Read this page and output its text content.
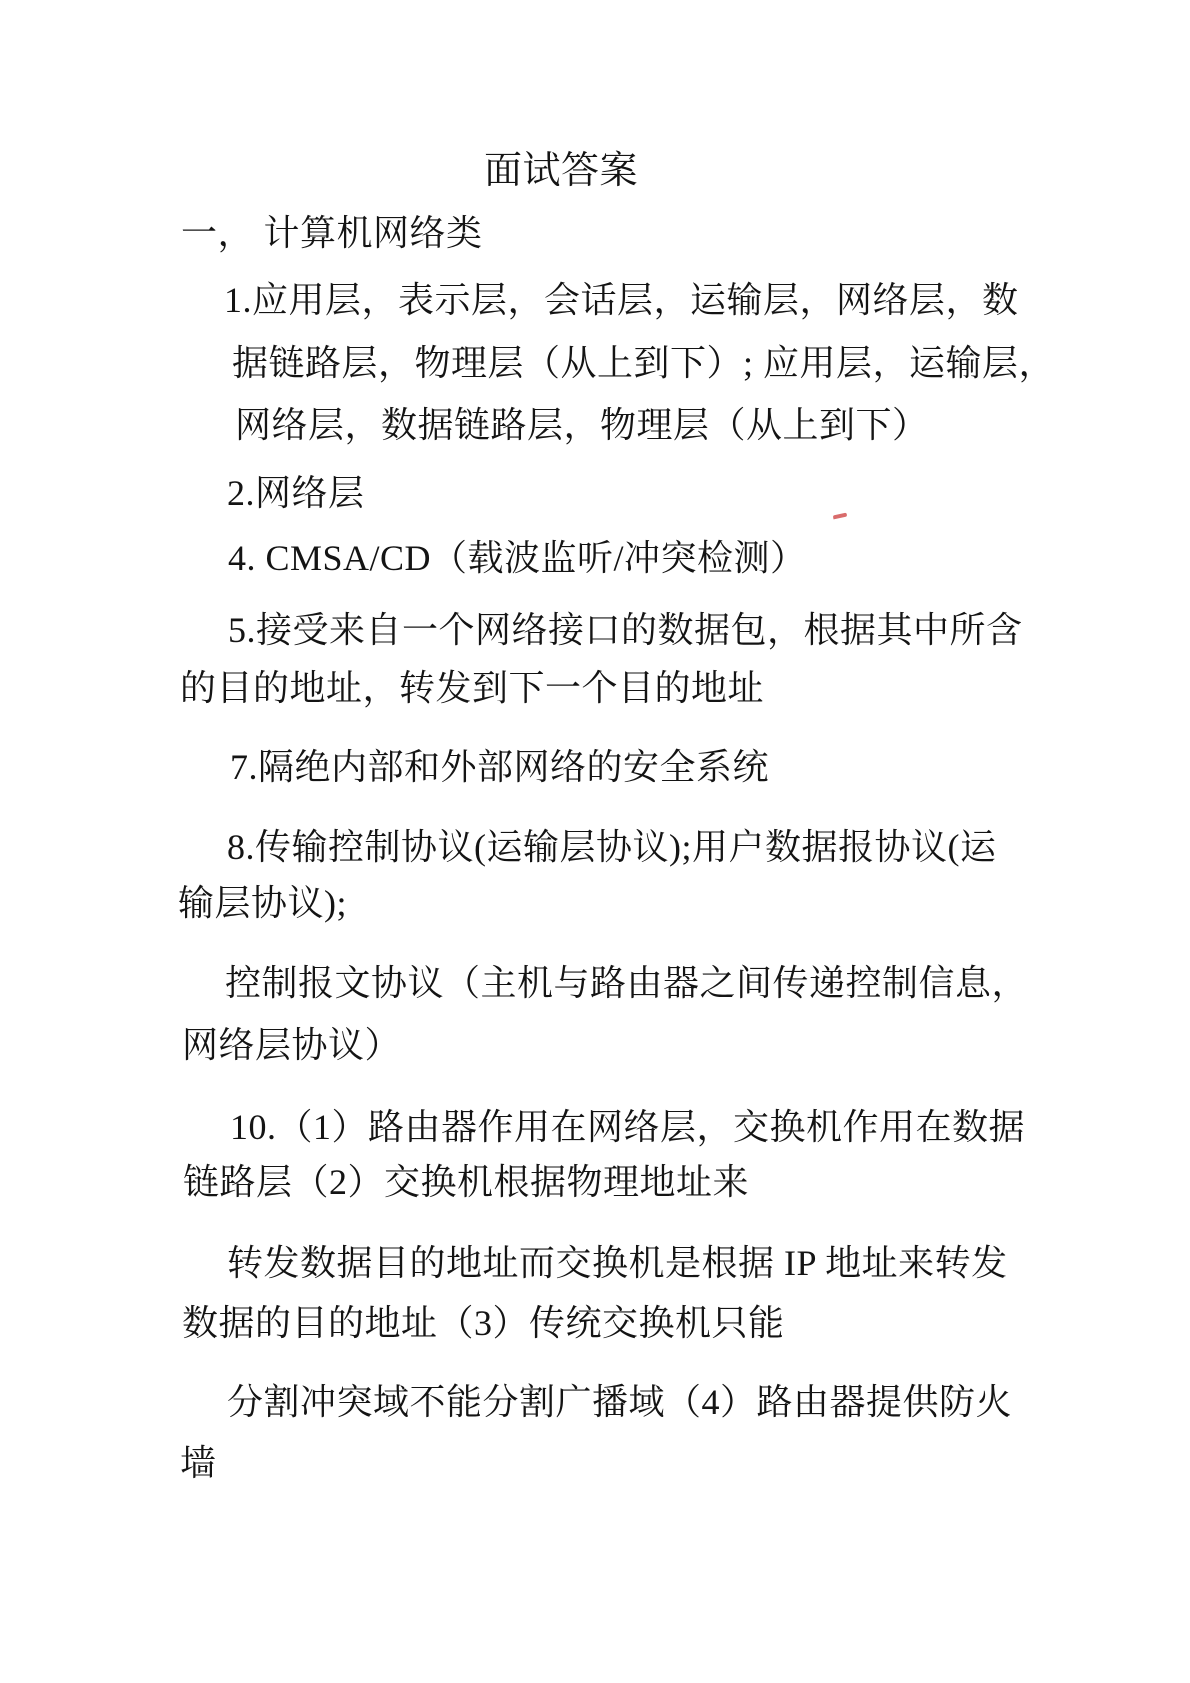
面试答案
一， 计算机网络类
1.应用层，表示层，会话层，运输层，网络层，数
据链路层，物理层（从上到下）; 应用层，运输层，
网络层，数据链路层，物理层（从上到下）
2.网络层
4. CMSA/CD（载波监听/冲突检测）
5.接受来自一个网络接口的数据包，根据其中所含
的目的地址，转发到下一个目的地址
7.隔绝内部和外部网络的安全系统
8.传输控制协议(运输层协议);用户数据报协议(运
输层协议);
控制报文协议（主机与路由器之间传递控制信息，
网络层协议）
10.（1）路由器作用在网络层，交换机作用在数据
链路层（2）交换机根据物理地址来
转发数据目的地址而交换机是根据 IP 地址来转发
数据的目的地址（3）传统交换机只能
分割冲突域不能分割广播域（4）路由器提供防火
墙
